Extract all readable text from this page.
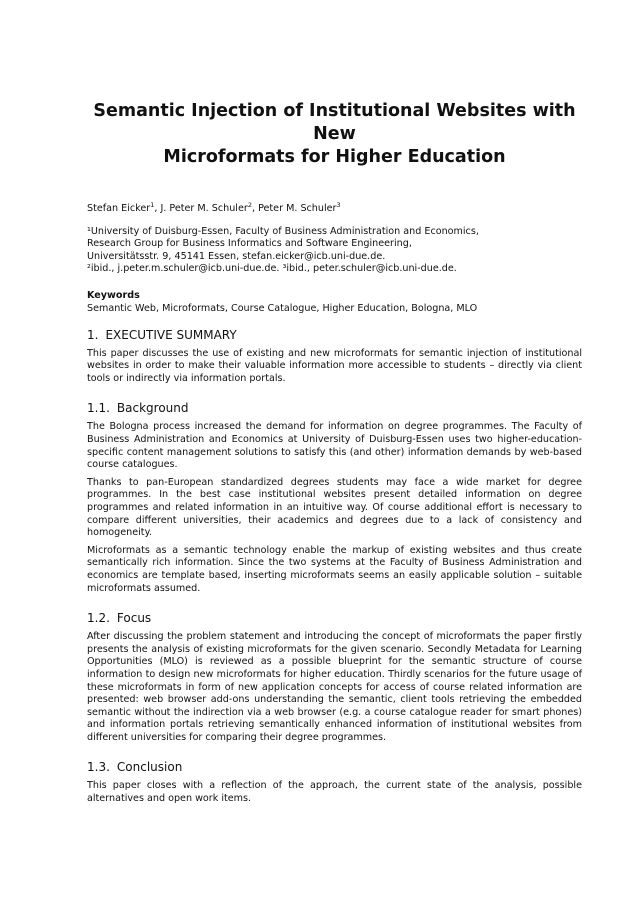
Semantic Injection of Institutional Websites with New
Microformats for Higher Education
Stefan Eicker$^1$, J. Peter M. Schuler$^2$, Peter M. Schuler$^3$
¹University of Duisburg-Essen, Faculty of Business Administration and Economics,
Research Group for Business Informatics and Software Engineering,
Universitätsstr. 9, 45141 Essen, stefan.eicker@icb.uni-due.de.
²ibid., j.peter.m.schuler@icb.uni-due.de. ³ibid., peter.schuler@icb.uni-due.de.

Keywords

Semantic Web, Microformats, Course Catalogue, Higher Education, Bologna, MLO

1. EXECUTIVE SUMMARY

This paper discusses the use of existing and new microformats for semantic injection of institutional websites in order to make their valuable information more accessible to students – directly via client tools or indirectly via information portals.

1.1. Background

The Bologna process increased the demand for information on degree programmes. The Faculty of Business Administration and Economics at University of Duisburg-Essen uses two higher-education-specific content management solutions to satisfy this (and other) information demands by web-based course catalogues.

Thanks to pan-European standardized degrees students may face a wide market for degree programmes. In the best case institutional websites present detailed information on degree programmes and related information in an intuitive way. Of course additional effort is necessary to compare different universities, their academics and degrees due to a lack of consistency and homogeneity.

Microformats as a semantic technology enable the markup of existing websites and thus create semantically rich information. Since the two systems at the Faculty of Business Administration and economics are template based, inserting microformats seems an easily applicable solution – suitable microformats assumed.

1.2. Focus

After discussing the problem statement and introducing the concept of microformats the paper firstly presents the analysis of existing microformats for the given scenario. Secondly Metadata for Learning Opportunities (MLO) is reviewed as a possible blueprint for the semantic structure of course information to design new microformats for higher education. Thirdly scenarios for the future usage of these microformats in form of new application concepts for access of course related information are presented: web browser add-ons understanding the semantic, client tools retrieving the embedded semantic without the indirection via a web browser (e.g. a course catalogue reader for smart phones) and information portals retrieving semantically enhanced information of institutional websites from different universities for comparing their degree programmes.

1.3. Conclusion

This paper closes with a reflection of the approach, the current state of the analysis, possible alternatives and open work items.
